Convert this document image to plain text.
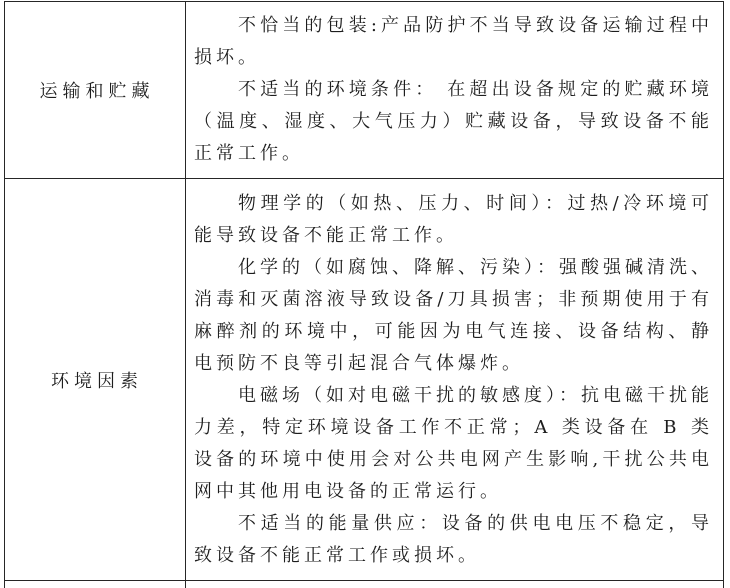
运输和贮藏	不恰当的包装:产品防护不当导致设备运输过程中损坏。

不适当的环境条件： 在超出设备规定的贮藏环境（温度、湿度、大气压力）贮藏设备，导致设备不能正常工作。

环境因素	物理学的（如热、压力、时间）：过热/冷环境可能导致设备不能正常工作。

化学的（如腐蚀、降解、污染）：强酸强碱清洗、消毒和灭菌溶液导致设备/刀具损害；非预期使用于有麻醉剂的环境中，可能因为电气连接、设备结构、静电预防不良等引起混合气体爆炸。

电磁场（如对电磁干扰的敏感度）：抗电磁干扰能力差，特定环境设备工作不正常；A 类设备在 B 类设备的环境中使用会对公共电网产生影响,干扰公共电网中其他用电设备的正常运行。

不适当的能量供应：设备的供电电压不稳定，导致设备不能正常工作或损坏。
